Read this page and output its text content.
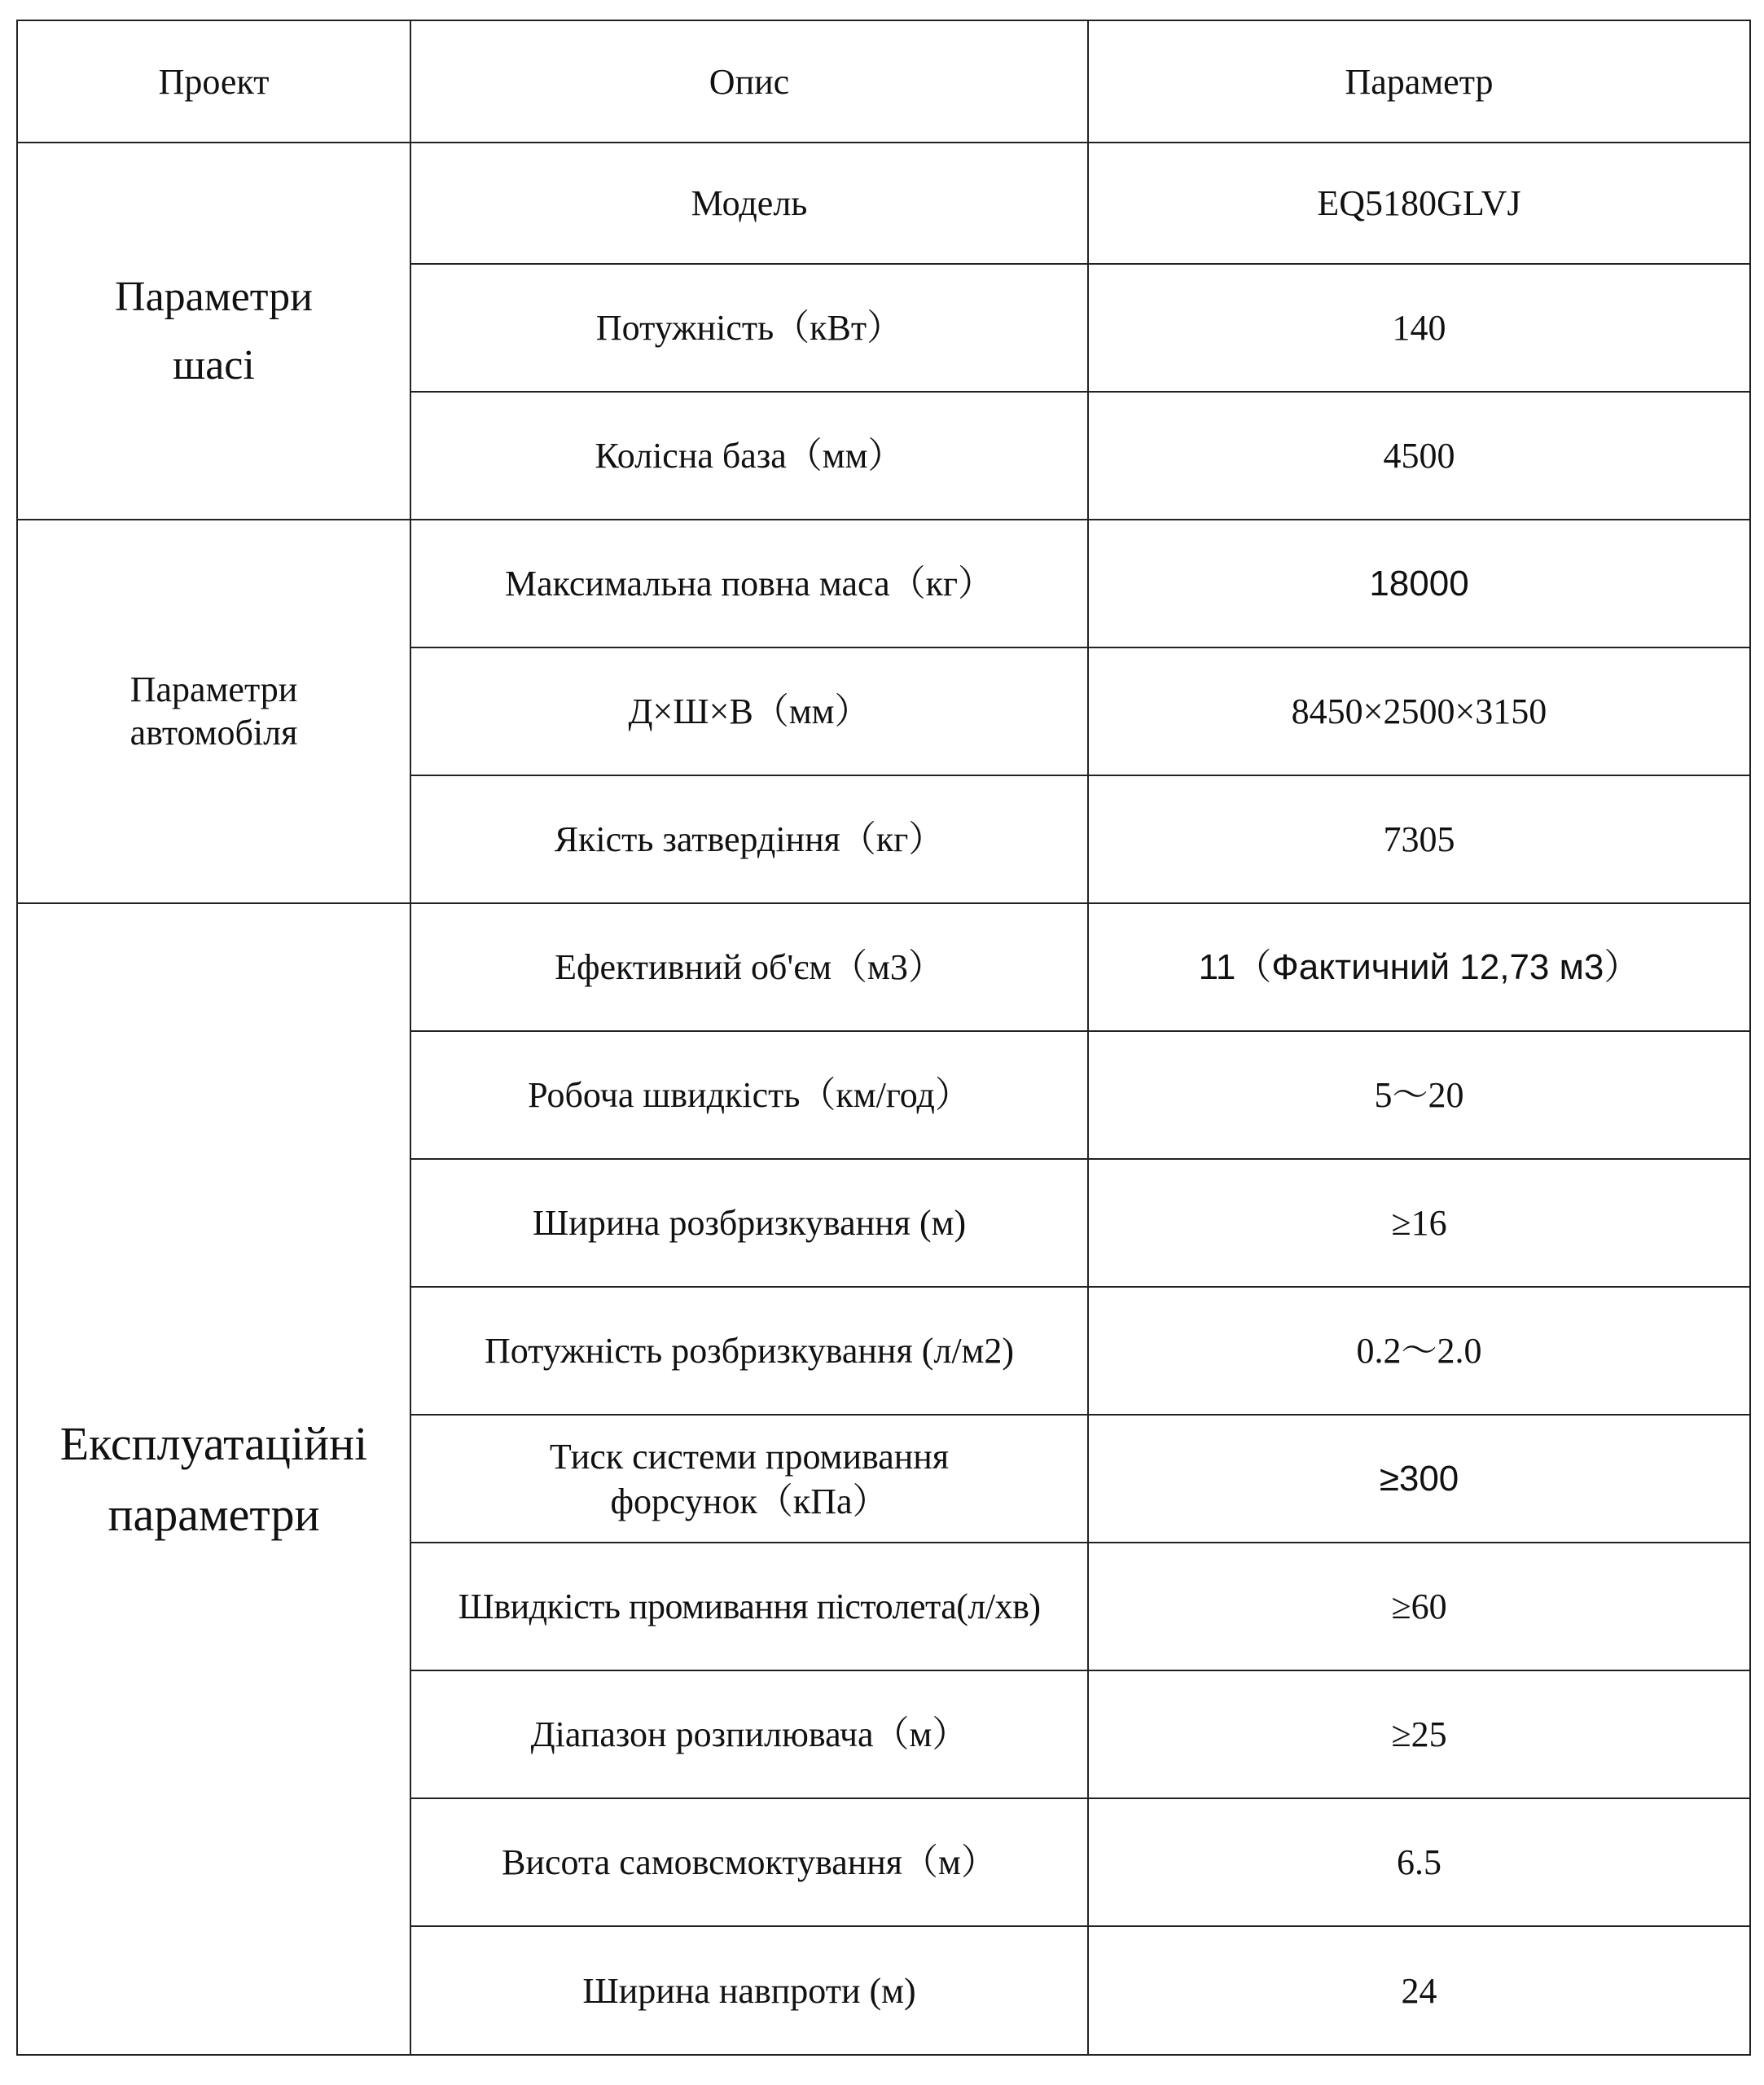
Проект	Опис	Параметр
Параметри
шасі	Модель	EQ5180GLVJ
	Потужність（кВт）	140
	Колісна база（мм）	4500
Параметри
автомобіля	Максимальна повна маса（кг）	18000
	Д×Ш×В（мм）	8450×2500×3150
	Якість затвердіння（кг）	7305
Експлуатаційні
параметри	Ефективний об'єм（м3）	11（Фактичний 12,73 м3）
	Робоча швидкість（км/год）	5～20
	Ширина розбризкування (м)	≥16
	Потужність розбризкування (л/м2)	0.2～2.0
	Тиск системи промивання форсунок（кПа）	≥300
	Швидкість промивання пістолета(л/хв)	≥60
	Діапазон розпилювача（м）	≥25
	Висота самовсмоктування（м）	6.5
	Ширина навпроти (м)	24
